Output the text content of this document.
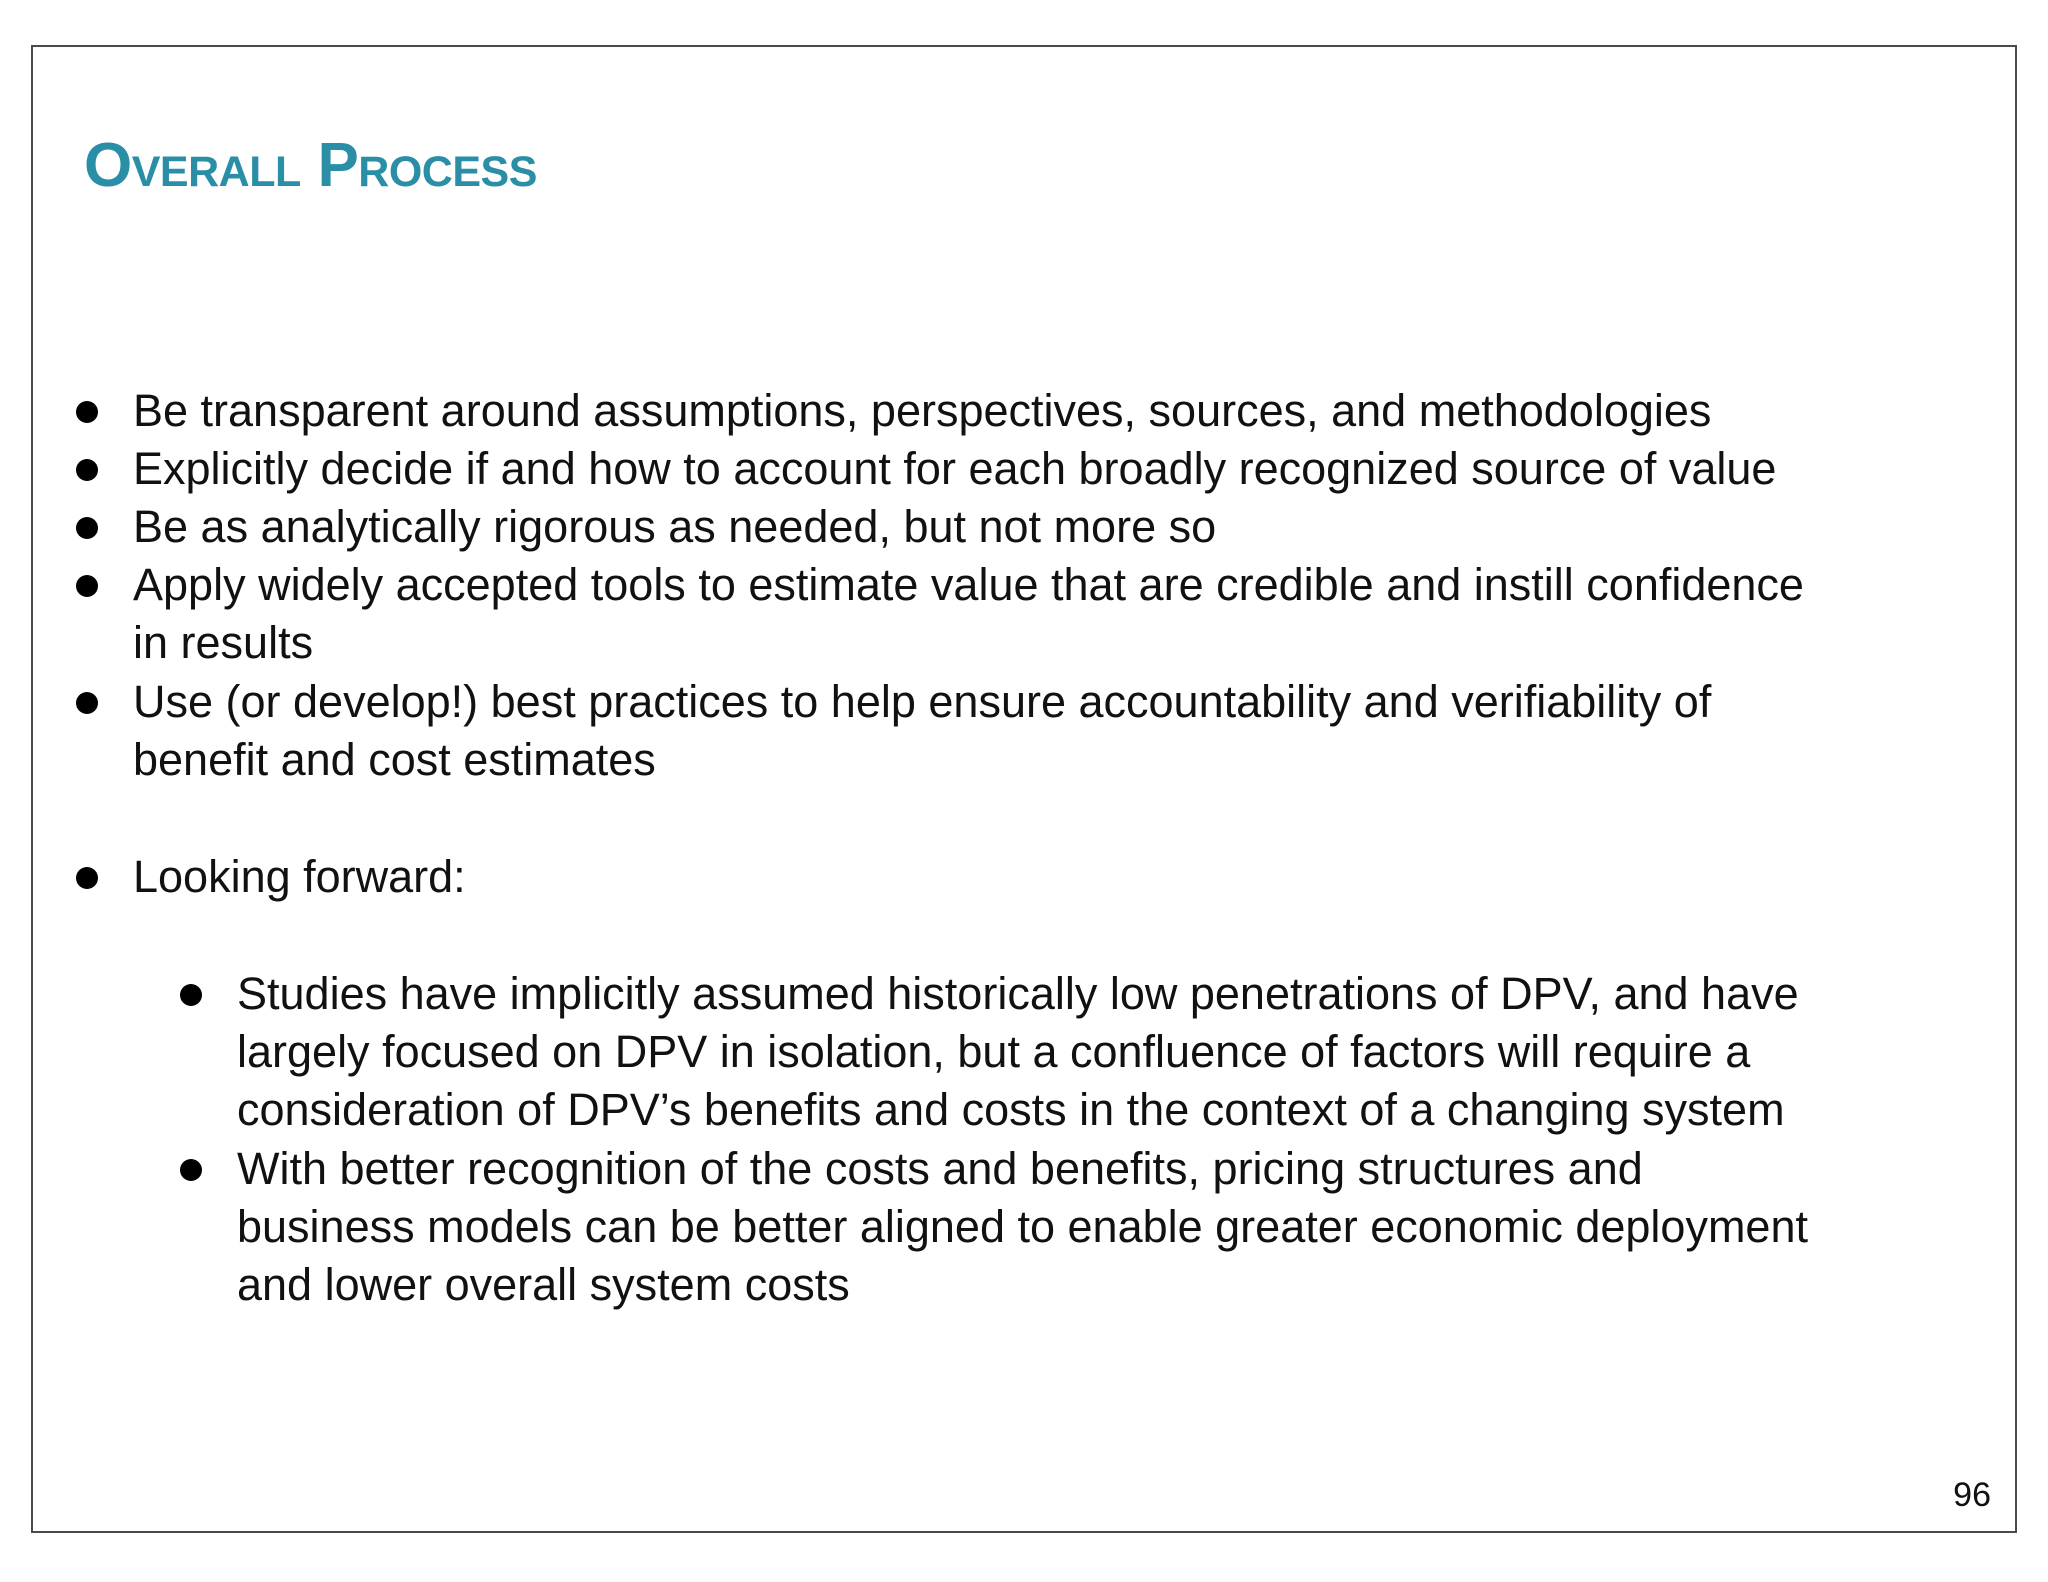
Overall Process
Be transparent around assumptions, perspectives, sources, and methodologies
Explicitly decide if and how to account for each broadly recognized source of value
Be as analytically rigorous as needed, but not more so
Apply widely accepted tools to estimate value that are credible and instill confidence
in results
Use (or develop!) best practices to help ensure accountability and verifiability of
benefit and cost estimates
Looking forward:
Studies have implicitly assumed historically low penetrations of DPV, and have
largely focused on DPV in isolation, but a confluence of factors will require a
consideration of DPV’s benefits and costs in the context of a changing system
With better recognition of the costs and benefits, pricing structures and
business models can be better aligned to enable greater economic deployment
and lower overall system costs
96
